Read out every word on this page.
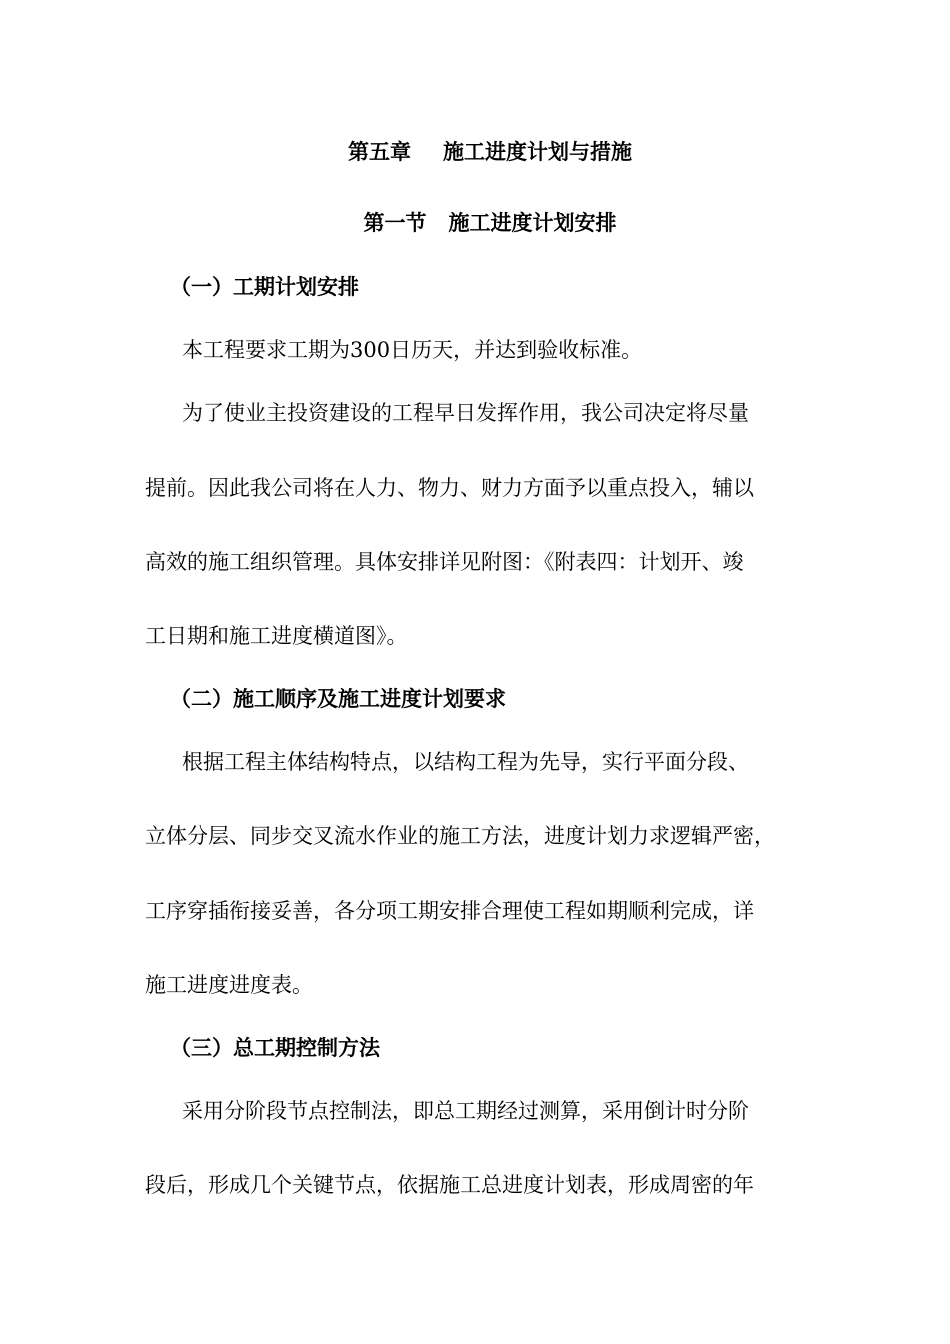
第五章 施工进度计划与措施
第一节 施工进度计划安排
（一）工期计划安排
本工程要求工期为300日历天，并达到验收标准。
为了使业主投资建设的工程早日发挥作用，我公司决定将尽量
提前。因此我公司将在人力、物力、财力方面予以重点投入，辅以
高效的施工组织管理。具体安排详见附图：《附表四：计划开、竣
工日期和施工进度横道图》。
（二）施工顺序及施工进度计划要求
根据工程主体结构特点，以结构工程为先导，实行平面分段、
立体分层、同步交叉流水作业的施工方法，进度计划力求逻辑严密，
工序穿插衔接妥善，各分项工期安排合理使工程如期顺利完成，详
施工进度进度表。
（三）总工期控制方法
采用分阶段节点控制法，即总工期经过测算，采用倒计时分阶
段后，形成几个关键节点，依据施工总进度计划表，形成周密的年
